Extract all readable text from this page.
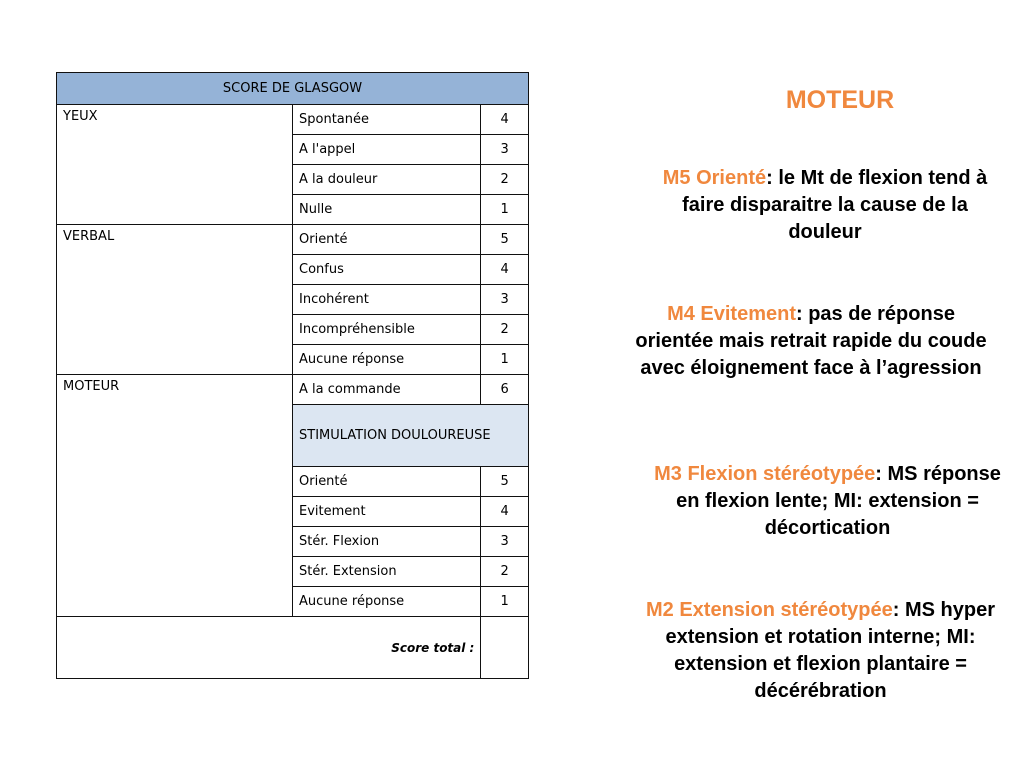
SCORE DE GLASGOW		
YEUX	Spontanée	4
	A l'appel	3
	A la douleur	2
	Nulle	1
VERBAL	Orienté	5
	Confus	4
	Incohérent	3
	Incompréhensible	2
	Aucune réponse	1
MOTEUR	A la commande	6
	STIMULATION DOULOUREUSE	
	Orienté	5
	Evitement	4
	Stér. Flexion	3
	Stér. Extension	2
	Aucune réponse	1
Score total :		
MOTEUR
M5 Orienté: le Mt de flexion tend à faire disparaitre la cause de la douleur
M4 Evitement: pas de réponse orientée mais retrait rapide du coude avec éloignement face à l’agression
M3 Flexion stéréotypée: MS réponse en flexion lente; MI: extension = décortication
M2 Extension stéréotypée: MS hyper extension et rotation interne; MI: extension et flexion plantaire = décérébration
